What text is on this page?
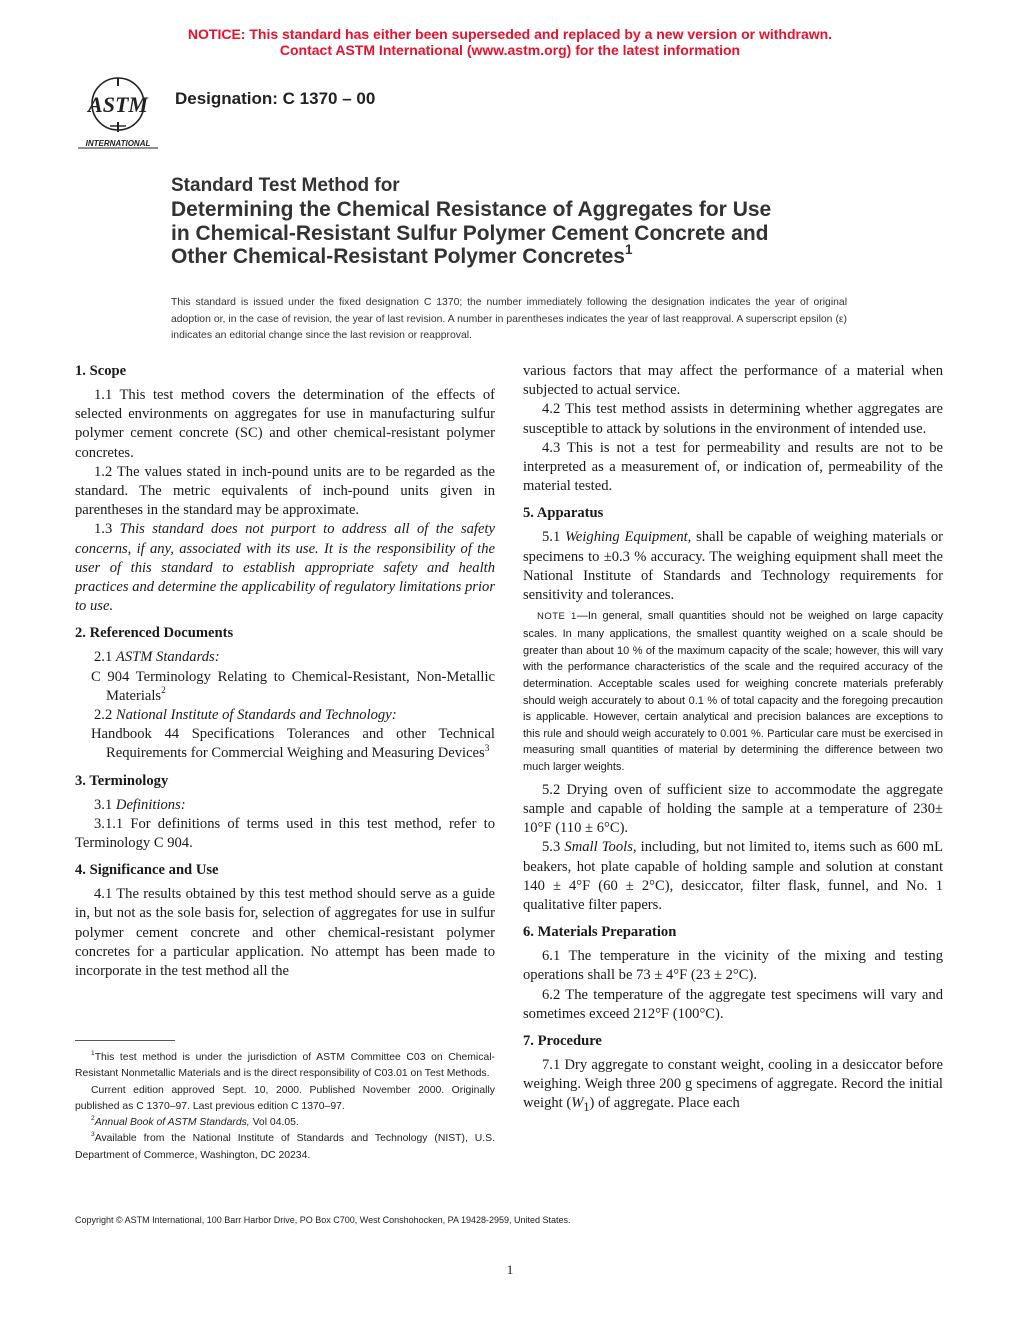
NOTICE: This standard has either been superseded and replaced by a new version or withdrawn.
Contact ASTM International (www.astm.org) for the latest information
ASTM
INTERNATIONAL
Designation: C 1370 – 00
Standard Test Method for
Determining the Chemical Resistance of Aggregates for Use
in Chemical-Resistant Sulfur Polymer Cement Concrete and
Other Chemical-Resistant Polymer Concretes$^1$
This standard is issued under the fixed designation C 1370; the number immediately following the designation indicates the year of original adoption or, in the case of revision, the year of last revision. A number in parentheses indicates the year of last reapproval. A superscript epsilon (ε) indicates an editorial change since the last revision or reapproval.
1. Scope

1.1 This test method covers the determination of the effects of selected environments on aggregates for use in manufacturing sulfur polymer cement concrete (SC) and other chemical-resistant polymer concretes.

1.2 The values stated in inch-pound units are to be regarded as the standard. The metric equivalents of inch-pound units given in parentheses in the standard may be approximate.

1.3 This standard does not purport to address all of the safety concerns, if any, associated with its use. It is the responsibility of the user of this standard to establish appropriate safety and health practices and determine the applicability of regulatory limitations prior to use.

2. Referenced Documents

2.1 ASTM Standards:

C 904 Terminology Relating to Chemical-Resistant, Non-Metallic Materials$^2$

2.2 National Institute of Standards and Technology:

Handbook 44 Specifications Tolerances and other Technical Requirements for Commercial Weighing and Measuring Devices$^3$
3. Terminology

3.1 Definitions:

3.1.1 For definitions of terms used in this test method, refer to Terminology C 904.

4. Significance and Use

4.1 The results obtained by this test method should serve as a guide in, but not as the sole basis for, selection of aggregates for use in sulfur polymer cement concrete and other chemical-resistant polymer concretes for a particular application. No attempt has been made to incorporate in the test method all the

$^1$This test method is under the jurisdiction of ASTM Committee C03 on Chemical-Resistant Nonmetallic Materials and is the direct responsibility of C03.01 on Test Methods.

Current edition approved Sept. 10, 2000. Published November 2000. Originally published as C 1370–97. Last previous edition C 1370–97.

$^2$Annual Book of ASTM Standards, Vol 04.05.

$^3$Available from the National Institute of Standards and Technology (NIST), U.S. Department of Commerce, Washington, DC 20234.

various factors that may affect the performance of a material when subjected to actual service.

4.2 This test method assists in determining whether aggregates are susceptible to attack by solutions in the environment of intended use.

4.3 This is not a test for permeability and results are not to be interpreted as a measurement of, or indication of, permeability of the material tested.

5. Apparatus

5.1 Weighing Equipment, shall be capable of weighing materials or specimens to ±0.3 % accuracy. The weighing equipment shall meet the National Institute of Standards and Technology requirements for sensitivity and tolerances.

NOTE 1—In general, small quantities should not be weighed on large capacity scales. In many applications, the smallest quantity weighed on a scale should be greater than about 10 % of the maximum capacity of the scale; however, this will vary with the performance characteristics of the scale and the required accuracy of the determination. Acceptable scales used for weighing concrete materials preferably should weigh accurately to about 0.1 % of total capacity and the foregoing precaution is applicable. However, certain analytical and precision balances are exceptions to this rule and should weigh accurately to 0.001 %. Particular care must be exercised in measuring small quantities of material by determining the difference between two much larger weights.

5.2 Drying oven of sufficient size to accommodate the aggregate sample and capable of holding the sample at a temperature of 230± 10°F (110 ± 6°C).

5.3 Small Tools, including, but not limited to, items such as 600 mL beakers, hot plate capable of holding sample and solution at constant 140 ± 4°F (60 ± 2°C), desiccator, filter flask, funnel, and No. 1 qualitative filter papers.

6. Materials Preparation

6.1 The temperature in the vicinity of the mixing and testing operations shall be 73 ± 4°F (23 ± 2°C).

6.2 The temperature of the aggregate test specimens will vary and sometimes exceed 212°F (100°C).

7. Procedure

7.1 Dry aggregate to constant weight, cooling in a desiccator before weighing. Weigh three 200 g specimens of aggregate. Record the initial weight $(W_1)$ of aggregate. Place each

Copyright © ASTM International, 100 Barr Harbor Drive, PO Box C700, West Conshohocken, PA 19428-2959, United States.
1
